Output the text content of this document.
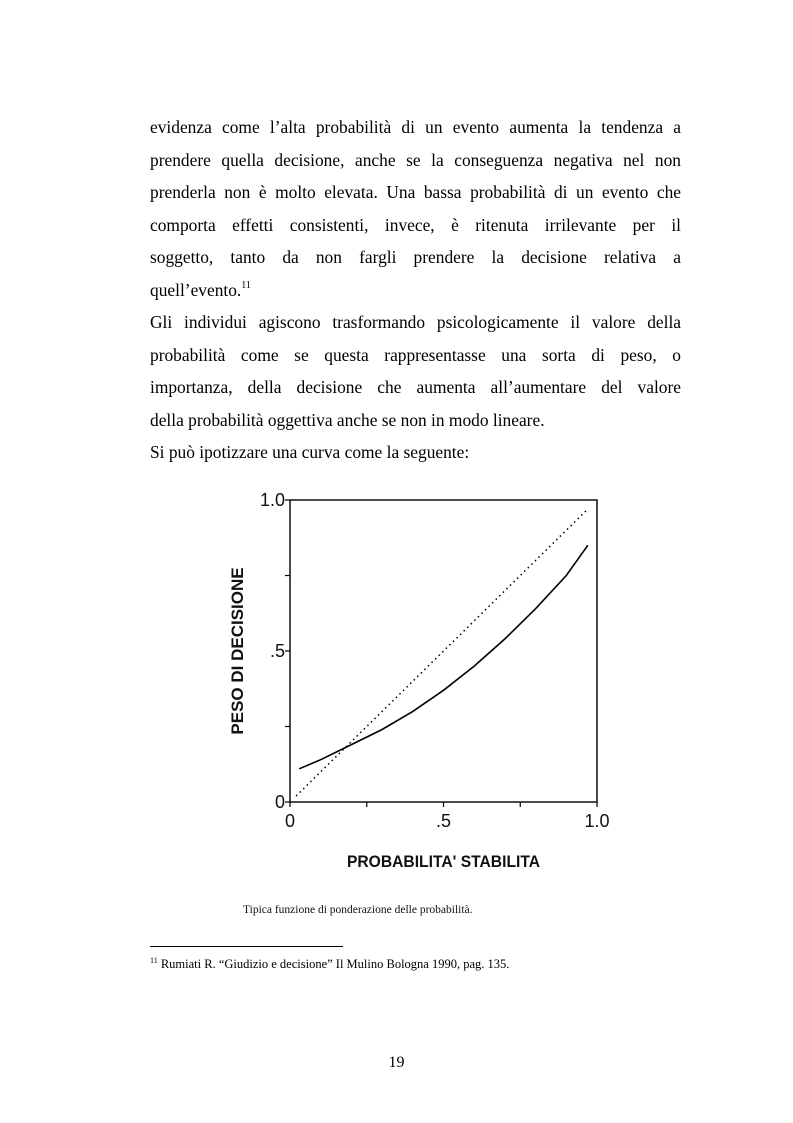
evidenza come l’alta probabilità di un evento aumenta la tendenza a
prendere quella decisione, anche se la conseguenza negativa nel non
prenderla non è molto elevata. Una bassa probabilità di un evento che
comporta effetti consistenti, invece, è ritenuta irrilevante per il
soggetto, tanto da non fargli prendere la decisione relativa a
quell’evento.$^{11}$
Gli individui agiscono trasformando psicologicamente il valore della
probabilità come se questa rappresentasse una sorta di peso, o
importanza, della decisione che aumenta all’aumentare del valore
della probabilità oggettiva anche se non in modo lineare.
Si può ipotizzare una curva come la seguente:
0	.5	1.0
0
.5
1.0
PROBABILITA' STABILITA
PESO DI DECISIONE
Tipica funzione di ponderazione delle probabilità.
$^{11}$ Rumiati R. “Giudizio e decisione” Il Mulino Bologna 1990, pag. 135.
19
